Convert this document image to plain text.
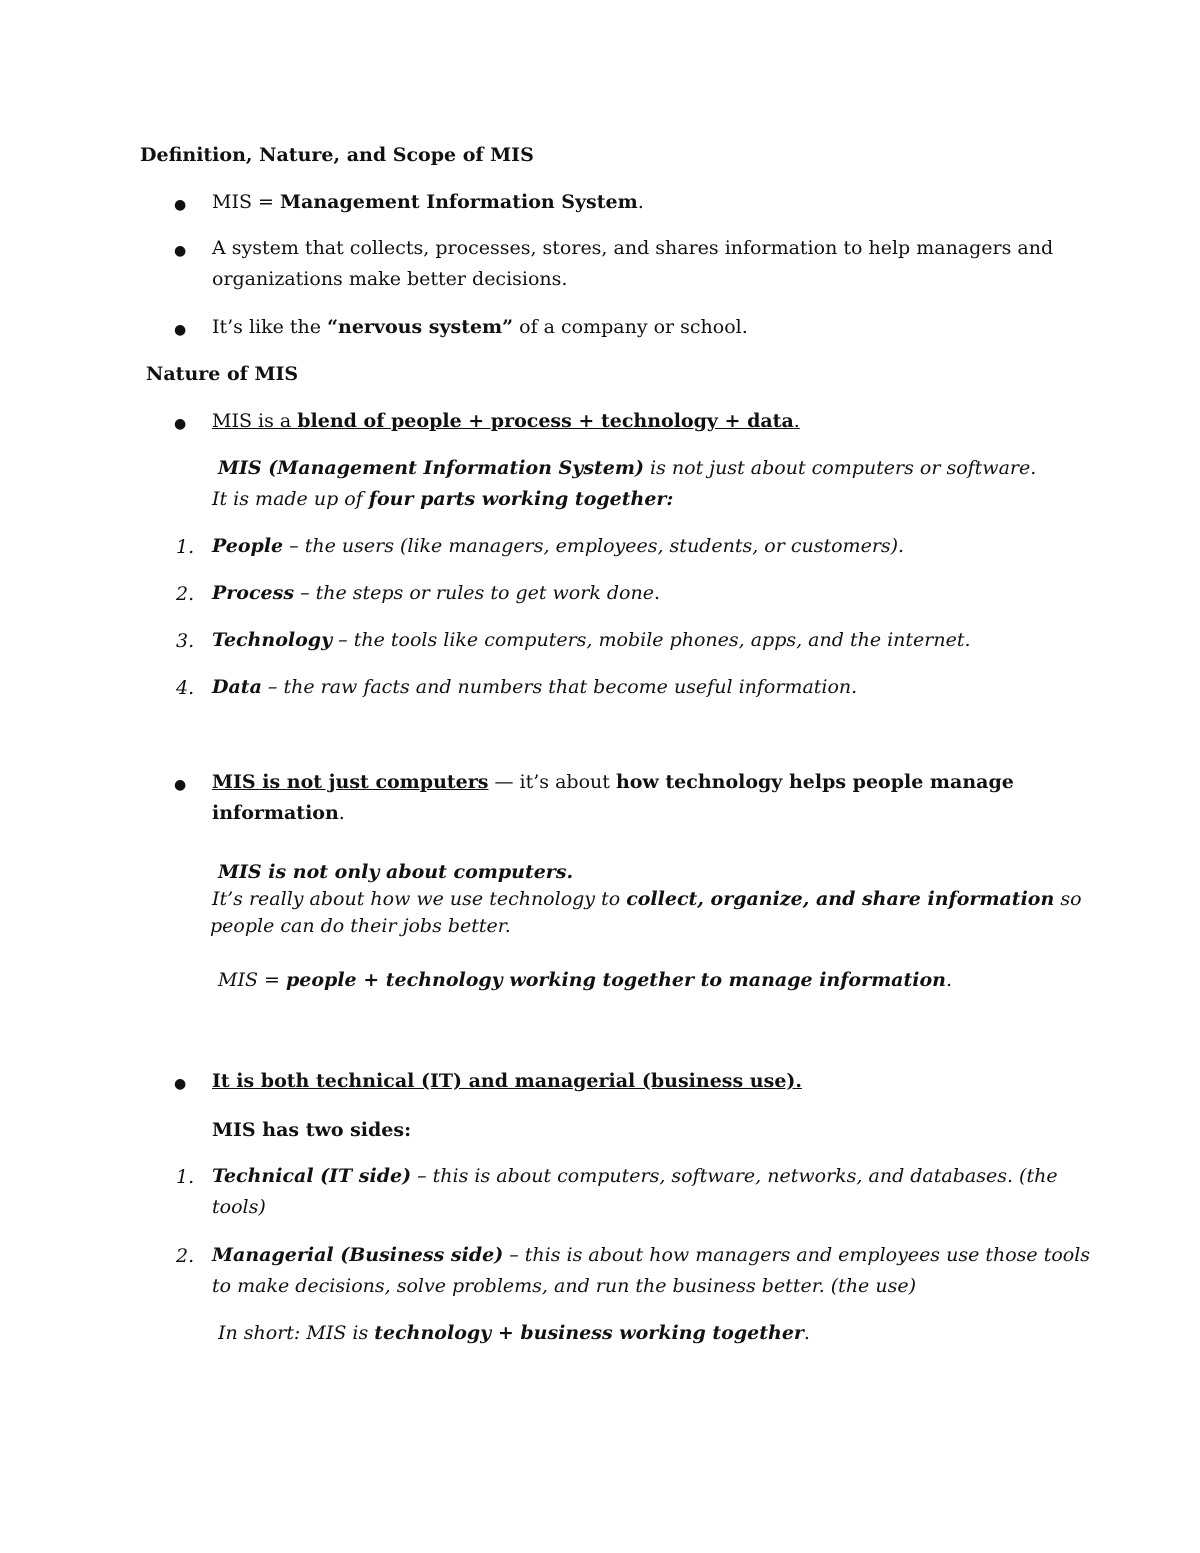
Definition, Nature, and Scope of MIS
● MIS = Management Information System.
● A system that collects, processes, stores, and shares information to help managers and
organizations make better decisions.
● It’s like the “nervous system” of a company or school.
Nature of MIS
● MIS is a blend of people + process + technology + data.
MIS (Management Information System) is not just about computers or software.
It is made up of four parts working together:
1. People – the users (like managers, employees, students, or customers).
2. Process – the steps or rules to get work done.
3. Technology – the tools like computers, mobile phones, apps, and the internet.
4. Data – the raw facts and numbers that become useful information.
● MIS is not just computers — it’s about how technology helps people manage
information.
MIS is not only about computers.
It’s really about how we use technology to collect, organize, and share information so
people can do their jobs better.
MIS = people + technology working together to manage information.
● It is both technical (IT) and managerial (business use).
MIS has two sides:
1. Technical (IT side) – this is about computers, software, networks, and databases. (the
tools)
2. Managerial (Business side) – this is about how managers and employees use those tools
to make decisions, solve problems, and run the business better. (the use)
In short: MIS is technology + business working together.
